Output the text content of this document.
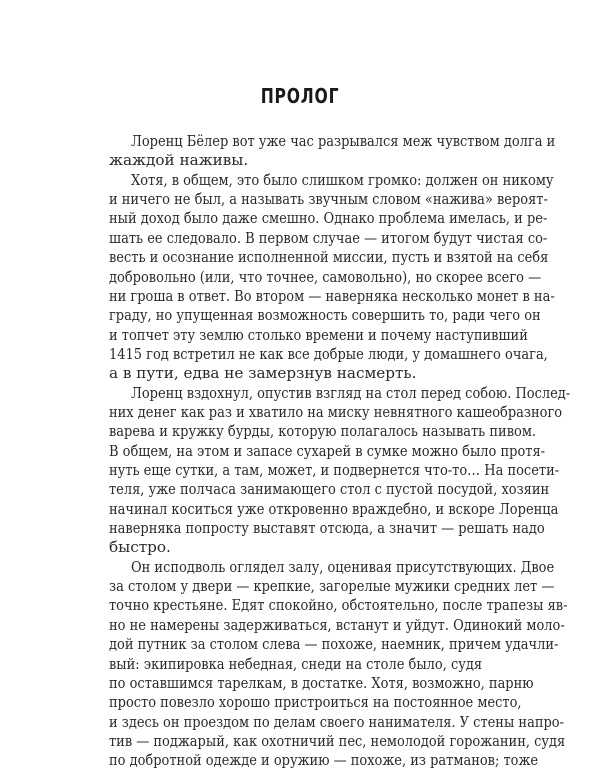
ПРОЛОГ
Лоренц Бёлер вот уже час разрывался меж чувством долга и
жаждой наживы.
Хотя, в общем, это было слишком громко: должен он никому
и ничего не был, а называть звучным словом «нажива» вероят-
ный доход было даже смешно. Однако проблема имелась, и ре-
шать ее следовало. В первом случае — итогом будут чистая со-
весть и осознание исполненной миссии, пусть и взятой на себя
добровольно (или, что точнее, самовольно), но скорее всего —
ни гроша в ответ. Во втором — наверняка несколько монет в на-
граду, но упущенная возможность совершить то, ради чего он
и топчет эту землю столько времени и почему наступивший
1415 год встретил не как все добрые люди, у домашнего очага,
а в пути, едва не замерзнув насмерть.
Лоренц вздохнул, опустив взгляд на стол перед собою. Послед-
них денег как раз и хватило на миску невнятного кашеобразного
варева и кружку бурды, которую полагалось называть пивом.
В общем, на этом и запасе сухарей в сумке можно было протя-
нуть еще сутки, а там, может, и подвернется что-то… На посети-
теля, уже полчаса занимающего стол с пустой посудой, хозяин
начинал коситься уже откровенно враждебно, и вскоре Лоренца
наверняка попросту выставят отсюда, а значит — решать надо
быстро.
Он исподволь оглядел залу, оценивая присутствующих. Двое
за столом у двери — крепкие, загорелые мужики средних лет —
точно крестьяне. Едят спокойно, обстоятельно, после трапезы яв-
но не намерены задерживаться, встанут и уйдут. Одинокий моло-
дой путник за столом слева — похоже, наемник, причем удачли-
вый: экипировка небедная, снеди на столе было, судя
по оставшимся тарелкам, в достатке. Хотя, возможно, парню
просто повезло хорошо пристроиться на постоянное место,
и здесь он проездом по делам своего нанимателя. У стены напро-
тив — поджарый, как охотничий пес, немолодой горожанин, судя
по добротной одежде и оружию — похоже, из ратманов; тоже
